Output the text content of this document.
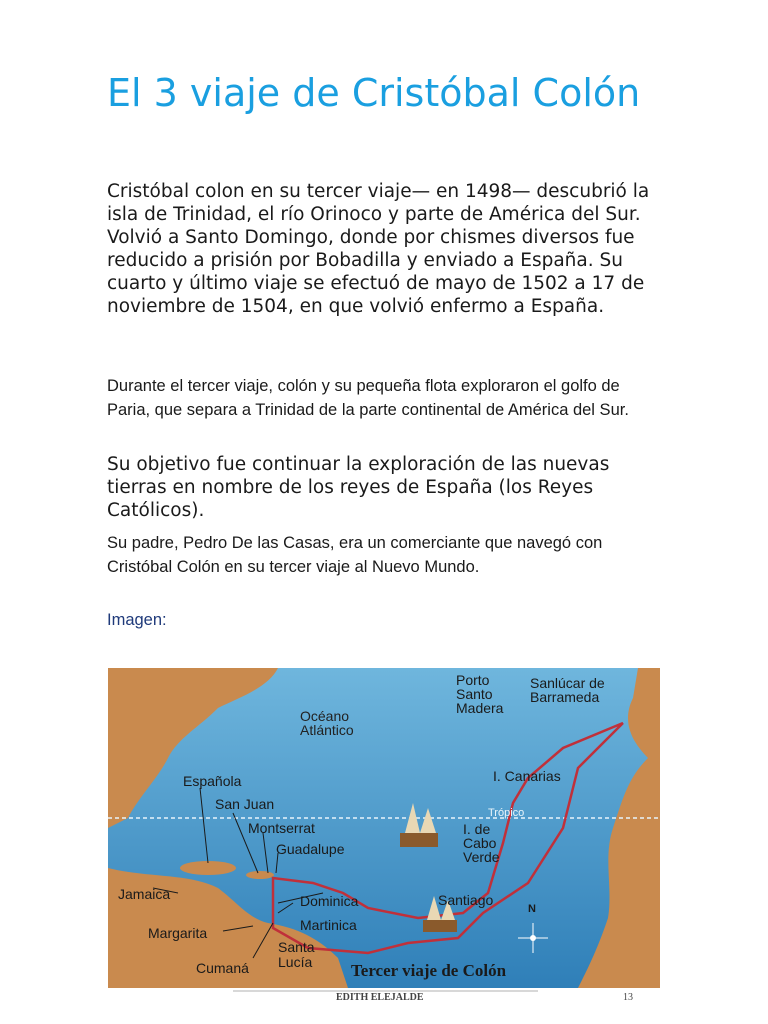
El 3 viaje de Cristóbal Colón

Cristóbal colon en su tercer viaje— en 1498— descubrió la isla de Trinidad, el río Orinoco y parte de América del Sur. Volvió a Santo Domingo, donde por chismes diversos fue reducido a prisión por Bobadilla y enviado a España. Su cuarto y último viaje se efectuó de mayo de 1502 a 17 de noviembre de 1504, en que volvió enfermo a España.

Durante el tercer viaje, colón y su pequeña flota exploraron el golfo de Paria, que separa a Trinidad de la parte continental de América del Sur.

Su objetivo fue continuar la exploración de las nuevas tierras en nombre de los reyes de España (los Reyes Católicos).

Su padre, Pedro De las Casas, era un comerciante que navegó con Cristóbal Colón en su tercer viaje al Nuevo Mundo.

Imagen:
Océano
Atlántico
Porto
Santo
Madera
Sanlúcar de
Barrameda
I. Canarias
Trópico
Española
San Juan
Montserrat
Guadalupe
I. de
Cabo
Verde
Jamaica	Dominica
Martinica
Santiago
N
Margarita
Santa
Lucía
Cumaná	Tercer viaje de Colón
EDITH ELEJALDE	13
